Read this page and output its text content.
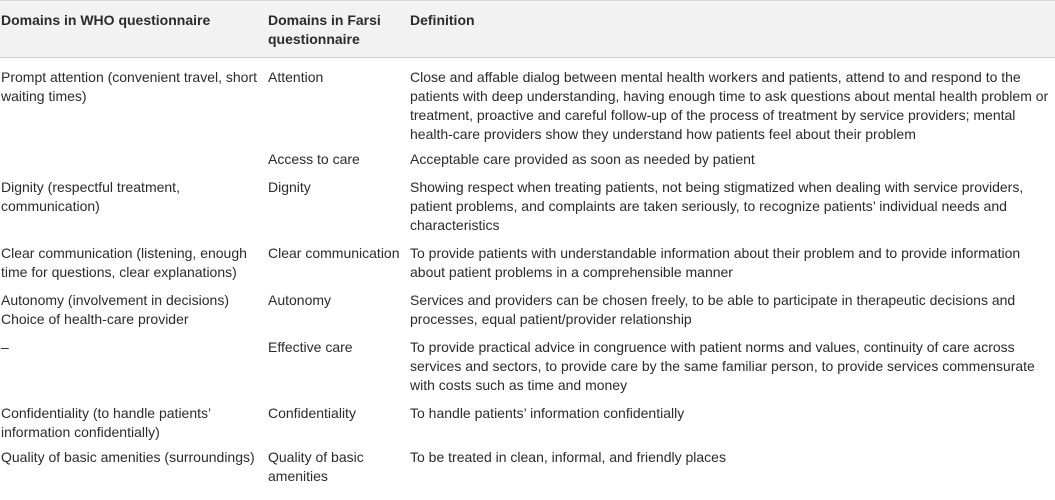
Domains in WHO questionnaire	Domains in Farsi questionnaire	Definition
Prompt attention (convenient travel, short waiting times)	Attention	Close and affable dialog between mental health workers and patients, attend to and respond to the patients with deep understanding, having enough time to ask questions about mental health problem or treatment, proactive and careful follow-up of the process of treatment by service providers; mental health-care providers show they understand how patients feel about their problem
	Access to care	Acceptable care provided as soon as needed by patient
Dignity (respectful treatment, communication)	Dignity	Showing respect when treating patients, not being stigmatized when dealing with service providers, patient problems, and complaints are taken seriously, to recognize patients’ individual needs and characteristics
Clear communication (listening, enough time for questions, clear explanations)	Clear communication	To provide patients with understandable information about their problem and to provide information about patient problems in a comprehensible manner
Autonomy (involvement in decisions) Choice of health-care provider	Autonomy	Services and providers can be chosen freely, to be able to participate in therapeutic decisions and processes, equal patient/provider relationship
–	Effective care	To provide practical advice in congruence with patient norms and values, continuity of care across services and sectors, to provide care by the same familiar person, to provide services commensurate with costs such as time and money
Confidentiality (to handle patients’ information confidentially)	Confidentiality	To handle patients’ information confidentially
Quality of basic amenities (surroundings)	Quality of basic amenities	To be treated in clean, informal, and friendly places
